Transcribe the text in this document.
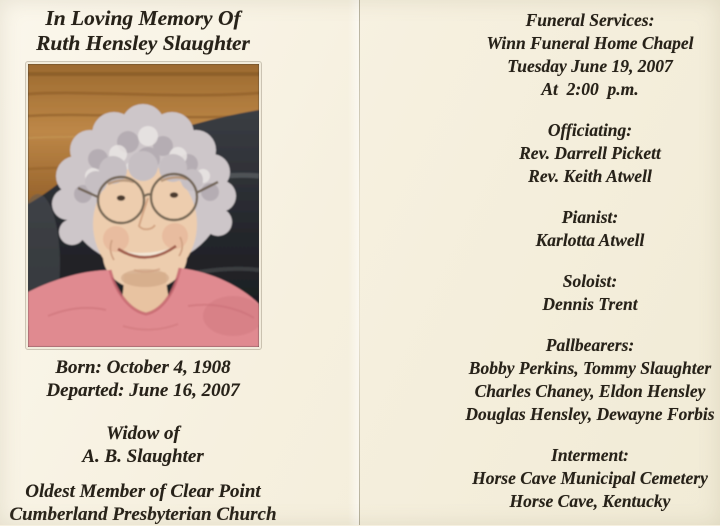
In Loving Memory Of
Ruth Hensley Slaughter
Born: October 4, 1908
Departed: June 16, 2007
Widow of
A. B. Slaughter
Oldest Member of Clear Point
Cumberland Presbyterian Church
Funeral Services:
Winn Funeral Home Chapel
Tuesday June 19, 2007
At  2:00  p.m.
Officiating:
Rev. Darrell Pickett
Rev. Keith Atwell
Pianist:
Karlotta Atwell
Soloist:
Dennis Trent
Pallbearers:
Bobby Perkins, Tommy Slaughter
Charles Chaney, Eldon Hensley
Douglas Hensley, Dewayne Forbis
Interment:
Horse Cave Municipal Cemetery
Horse Cave, Kentucky
